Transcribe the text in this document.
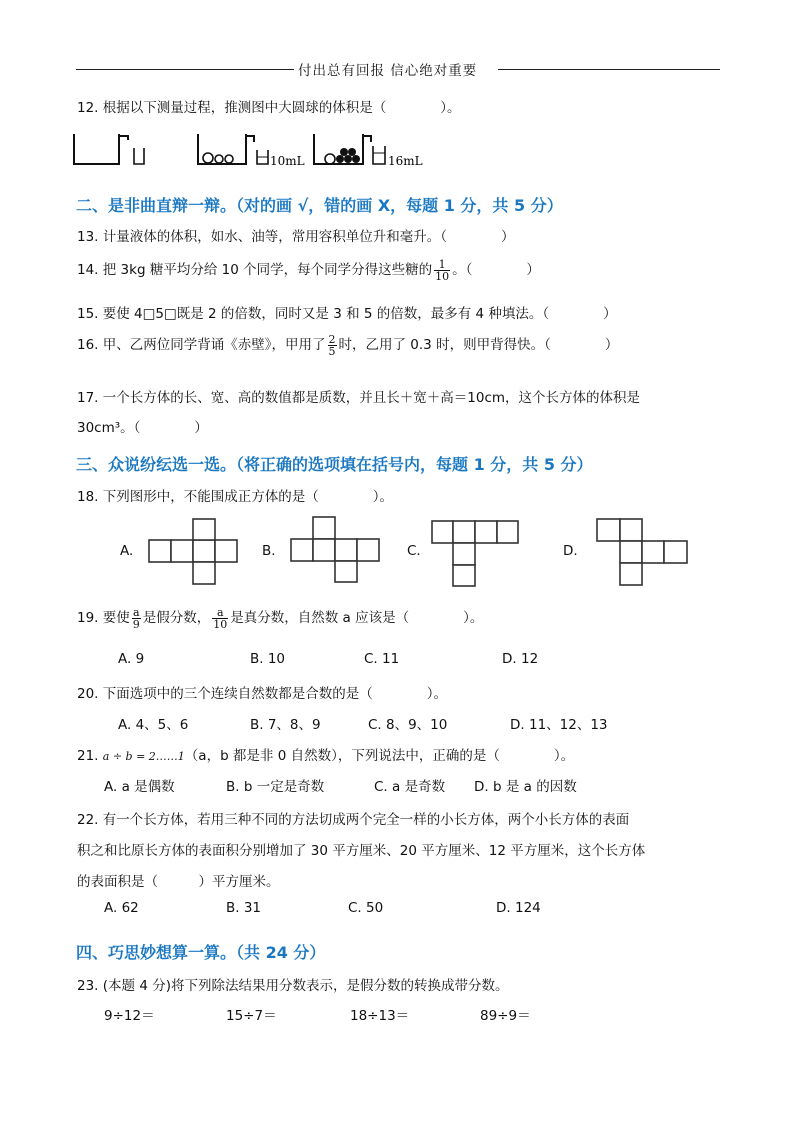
付出总有回报 信心绝对重要
12. 根据以下测量过程，推测图中大圆球的体积是（　　　　）。
10mL	16mL
二、是非曲直辩一辩。（对的画 √，错的画 X，每题 1 分，共 5 分）
13. 计量液体的体积，如水、油等，常用容积单位升和毫升。（　　　　）
14. 把 3kg 糖平均分给 10 个同学，每个同学分得这些糖的 $\frac{1}{10}$ 。（　　　　）
15. 要使 4□5□既是 2 的倍数，同时又是 3 和 5 的倍数，最多有 4 种填法。（　　　　）
16. 甲、乙两位同学背诵《赤壁》，甲用了 $\frac{2}{5}$ 时，乙用了 0.3 时，则甲背得快。（　　　　）
17. 一个长方体的长、宽、高的数值都是质数，并且长＋宽＋高＝10cm，这个长方体的体积是
30cm³。（　　　　）
三、众说纷纭选一选。（将正确的选项填在括号内，每题 1 分，共 5 分）
18. 下列图形中，不能围成正方体的是（　　　　）。
A.	B.	C.	D.
19. 要使 $\frac{a}{9}$ 是假分数， $\frac{a}{10}$ 是真分数，自然数 a 应该是（　　　　）。
A. 9	B. 10	C. 11	D. 12
20. 下面选项中的三个连续自然数都是合数的是（　　　　）。
A. 4、5、6	B. 7、8、9	C. 8、9、10	D. 11、12、13
21. a ÷ b = 2……1（a，b 都是非 0 自然数），下列说法中，正确的是（　　　　）。
A. a 是偶数	B. b 一定是奇数	C. a 是奇数 D. b 是 a 的因数
22. 有一个长方体，若用三种不同的方法切成两个完全一样的小长方体，两个小长方体的表面
积之和比原长方体的表面积分别增加了 30 平方厘米、20 平方厘米、12 平方厘米，这个长方体
的表面积是（　　　）平方厘米。
A. 62	B. 31	C. 50	D. 124
四、巧思妙想算一算。（共 24 分）
23. (本题 4 分)将下列除法结果用分数表示，是假分数的转换成带分数。
9÷12＝	15÷7＝	18÷13＝	89÷9＝
